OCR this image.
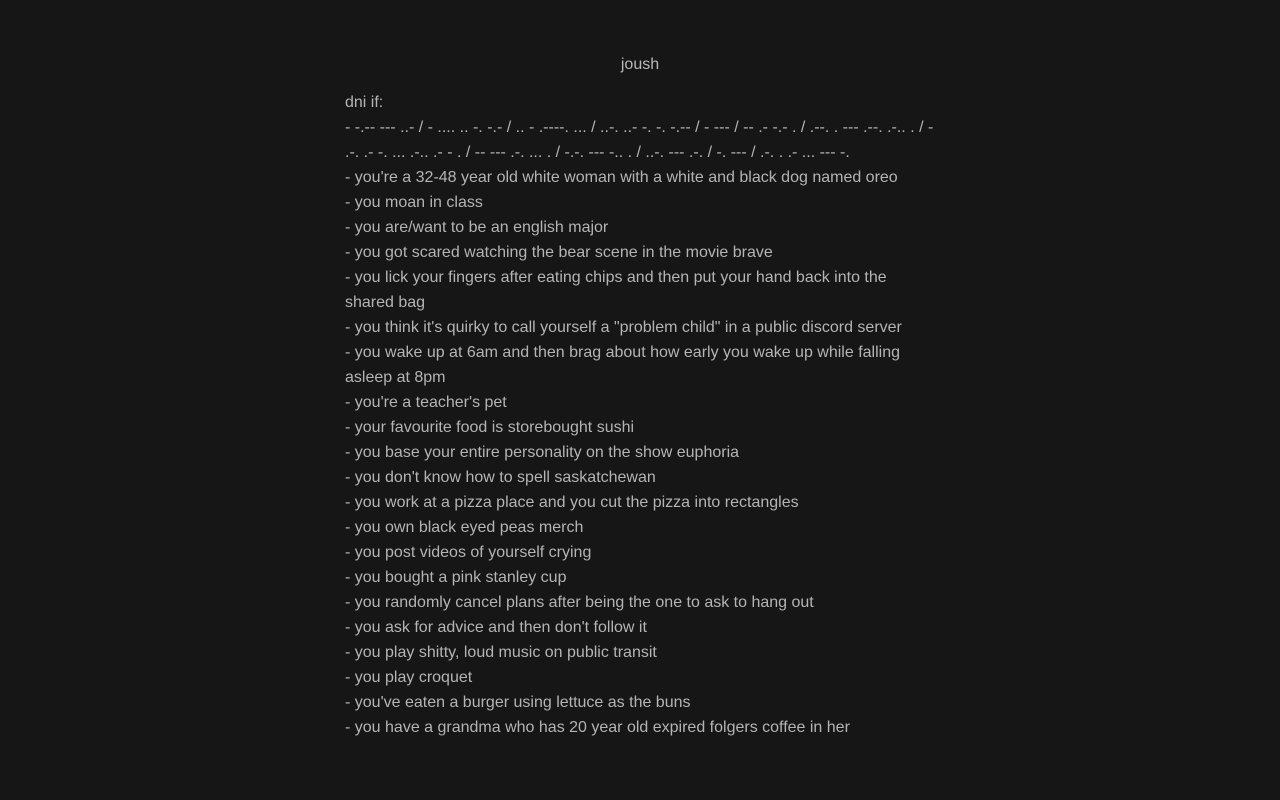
joush

dni if:

- -.-- --- ..- / - .... .. -. -.- / .. - .----. ... / ..-. ..- -. -. -.-- / - --- / -- .- -.- . / .--. . --- .--. .-.. . / - .-. .- -. ... .-.. .- - . / -- --- .-. ... . / -.-. --- -.. . / ..-. --- .-. / -. --- / .-. . .- ... --- -.

- you're a 32-48 year old white woman with a white and black dog named oreo

- you moan in class

- you are/want to be an english major

- you got scared watching the bear scene in the movie brave

- you lick your fingers after eating chips and then put your hand back into the shared bag

- you think it's quirky to call yourself a "problem child" in a public discord server

- you wake up at 6am and then brag about how early you wake up while falling asleep at 8pm

- you're a teacher's pet

- your favourite food is storebought sushi

- you base your entire personality on the show euphoria

- you don't know how to spell saskatchewan

- you work at a pizza place and you cut the pizza into rectangles

- you own black eyed peas merch

- you post videos of yourself crying

- you bought a pink stanley cup

- you randomly cancel plans after being the one to ask to hang out

- you ask for advice and then don't follow it

- you play shitty, loud music on public transit

- you play croquet

- you've eaten a burger using lettuce as the buns

- you have a grandma who has 20 year old expired folgers coffee in her
